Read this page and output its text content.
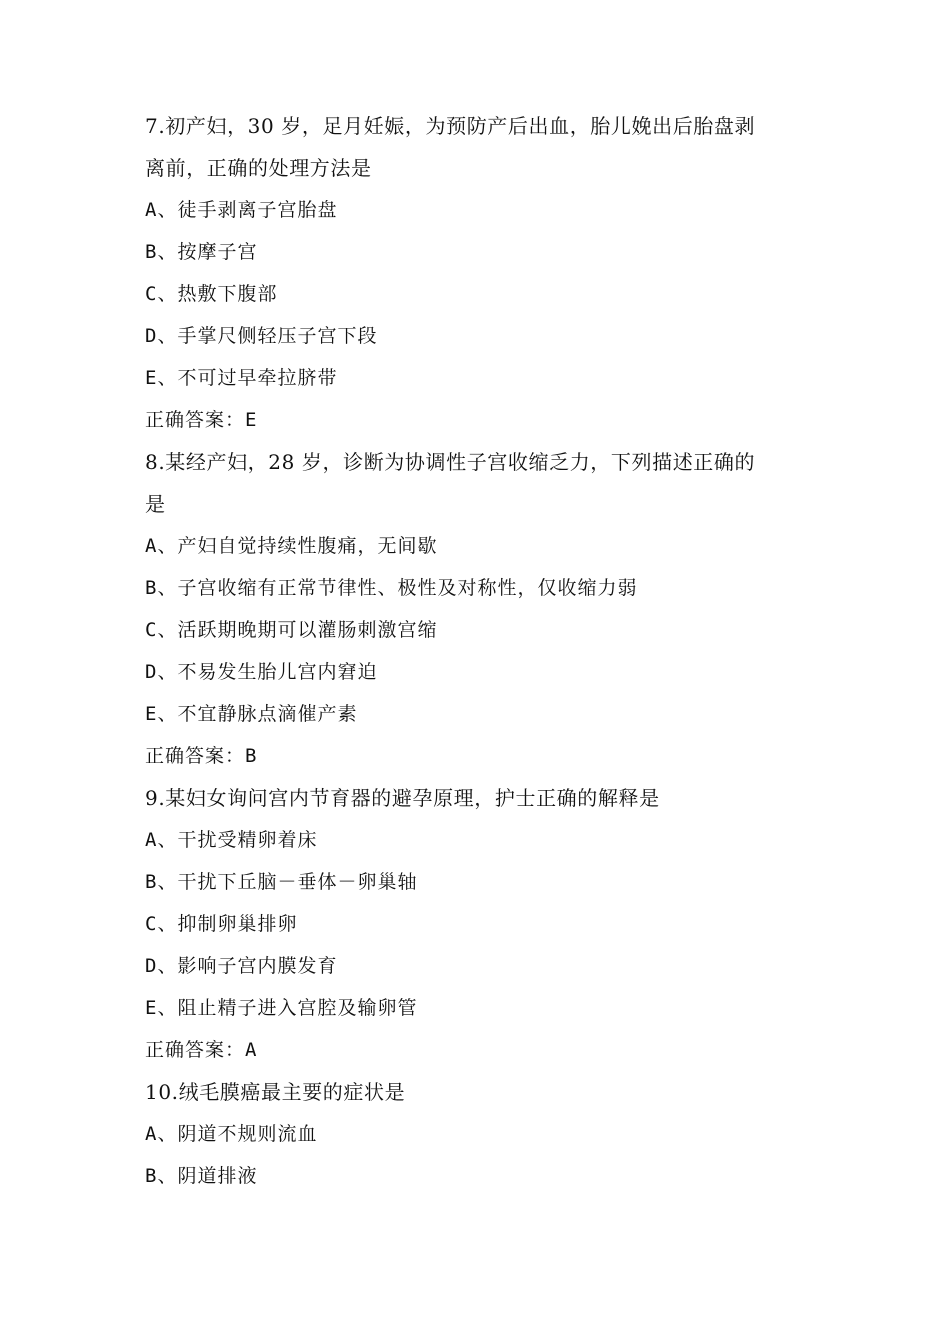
7.初产妇，30 岁，足月妊娠，为预防产后出血，胎儿娩出后胎盘剥
离前，正确的处理方法是
A、徒手剥离子宫胎盘
B、按摩子宫
C、热敷下腹部
D、手掌尺侧轻压子宫下段
E、不可过早牵拉脐带
正确答案：E
8.某经产妇，28 岁，诊断为协调性子宫收缩乏力，下列描述正确的
是
A、产妇自觉持续性腹痛，无间歇
B、子宫收缩有正常节律性、极性及对称性，仅收缩力弱
C、活跃期晚期可以灌肠刺激宫缩
D、不易发生胎儿宫内窘迫
E、不宜静脉点滴催产素
正确答案：B
9.某妇女询问宫内节育器的避孕原理，护士正确的解释是
A、干扰受精卵着床
B、干扰下丘脑－垂体－卵巢轴
C、抑制卵巢排卵
D、影响子宫内膜发育
E、阻止精子进入宫腔及输卵管
正确答案：A
10.绒毛膜癌最主要的症状是
A、阴道不规则流血
B、阴道排液
